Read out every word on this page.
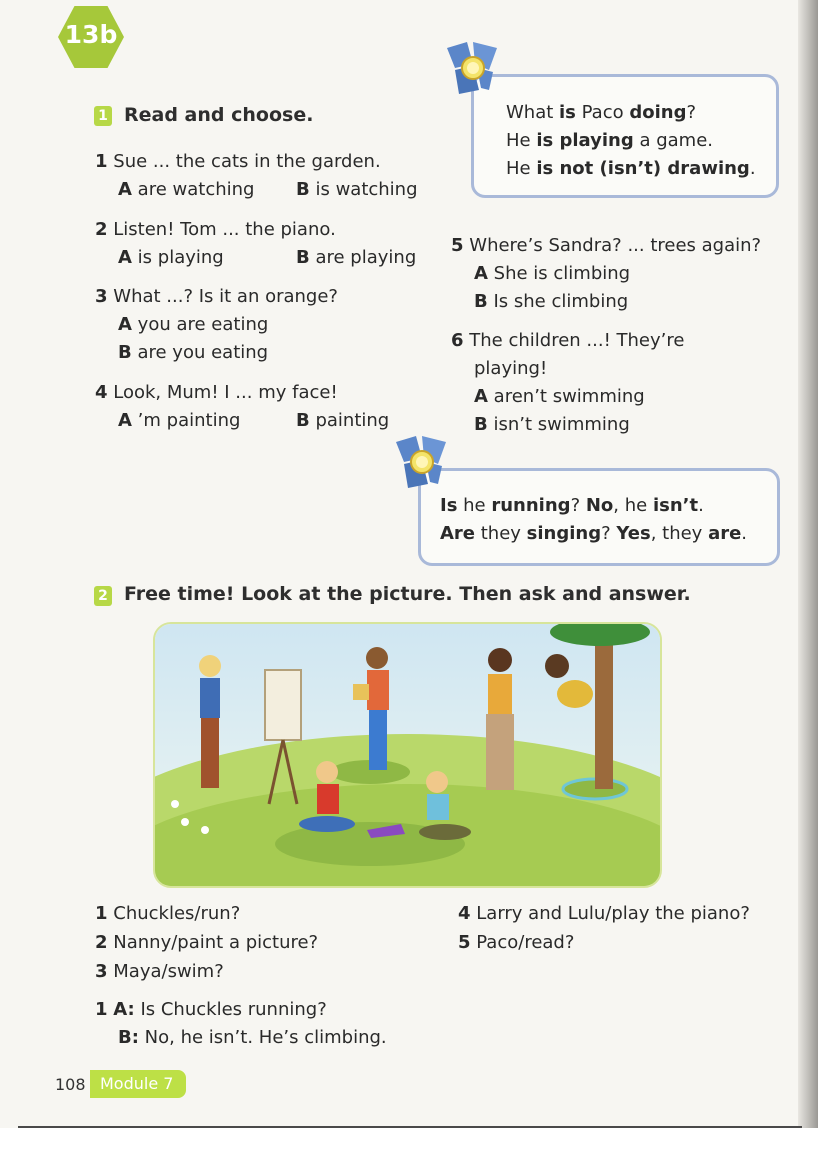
13b
1 Read and choose.
1 Sue ... the cats in the garden.
A are watching B is watching
2 Listen! Tom ... the piano.
A is playing	B are playing
3 What ...? Is it an orange?
A you are eating
B are you eating
4 Look, Mum! I ... my face!
A ’m painting	B painting
What is Paco doing?
He is playing a game.
He is not (isn’t) drawing.
5 Where’s Sandra? ... trees again?
A She is climbing
B Is she climbing
6 The children ...! They’re
playing!
A aren’t swimming
B isn’t swimming
Is he running? No, he isn’t.
Are they singing? Yes, they are.
2 Free time! Look at the picture. Then ask and answer.
1 Chuckles/run?
2 Nanny/paint a picture?
3 Maya/swim?
4 Larry and Lulu/play the piano?
5 Paco/read?
1 A: Is Chuckles running?
B: No, he isn’t. He’s climbing.
108 Module 7
